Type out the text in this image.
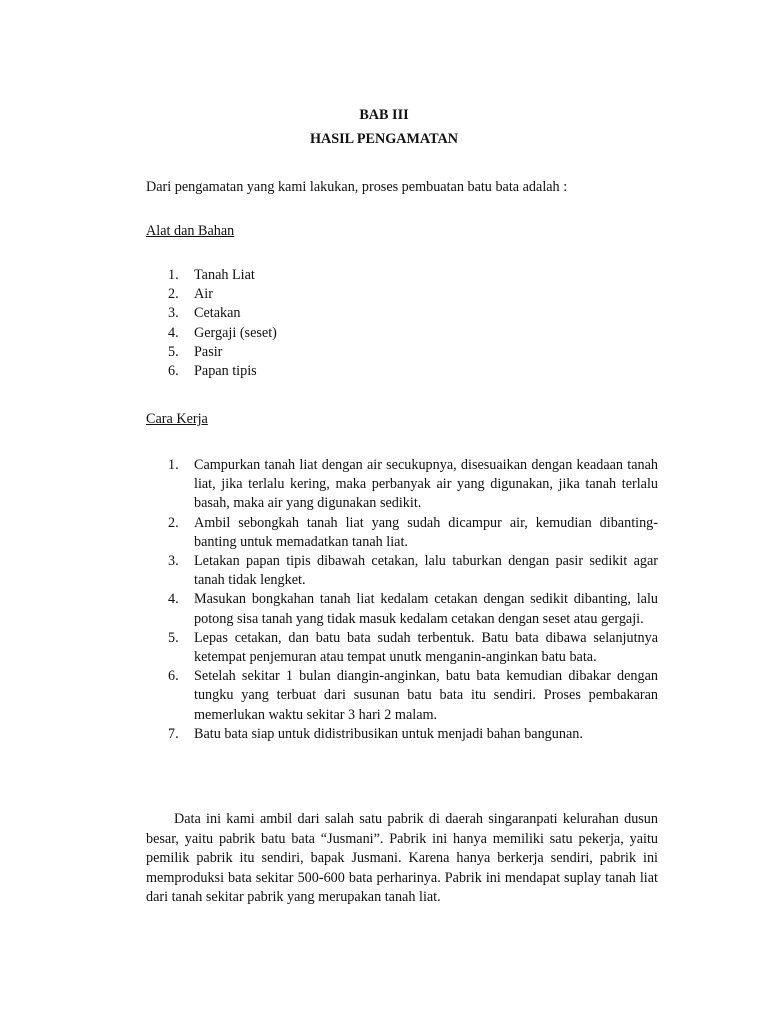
BAB III

HASIL PENGAMATAN

Dari pengamatan yang kami lakukan, proses pembuatan batu bata adalah :

Alat dan Bahan

1. Tanah Liat
2. Air
3. Cetakan
4. Gergaji (seset)
5. Pasir
6. Papan tipis

Cara Kerja

1. Campurkan tanah liat dengan air secukupnya, disesuaikan dengan keadaan tanah liat, jika terlalu kering, maka perbanyak air yang digunakan, jika tanah terlalu basah, maka air yang digunakan sedikit.
2. Ambil sebongkah tanah liat yang sudah dicampur air, kemudian dibanting-banting untuk memadatkan tanah liat.
3. Letakan papan tipis dibawah cetakan, lalu taburkan dengan pasir sedikit agar tanah tidak lengket.
4. Masukan bongkahan tanah liat kedalam cetakan dengan sedikit dibanting, lalu potong sisa tanah yang tidak masuk kedalam cetakan dengan seset atau gergaji.
5. Lepas cetakan, dan batu bata sudah terbentuk. Batu bata dibawa selanjutnya ketempat penjemuran atau tempat unutk menganin-anginkan batu bata.
6. Setelah sekitar 1 bulan diangin-anginkan, batu bata kemudian dibakar dengan tungku yang terbuat dari susunan batu bata itu sendiri. Proses pembakaran memerlukan waktu sekitar 3 hari 2 malam.
7. Batu bata siap untuk didistribusikan untuk menjadi bahan bangunan.

Data ini kami ambil dari salah satu pabrik di daerah singaranpati kelurahan dusun besar, yaitu pabrik batu bata “Jusmani”. Pabrik ini hanya memiliki satu pekerja, yaitu pemilik pabrik itu sendiri, bapak Jusmani. Karena hanya berkerja sendiri, pabrik ini memproduksi bata sekitar 500-600 bata perharinya. Pabrik ini mendapat suplay tanah liat dari tanah sekitar pabrik yang merupakan tanah liat.
